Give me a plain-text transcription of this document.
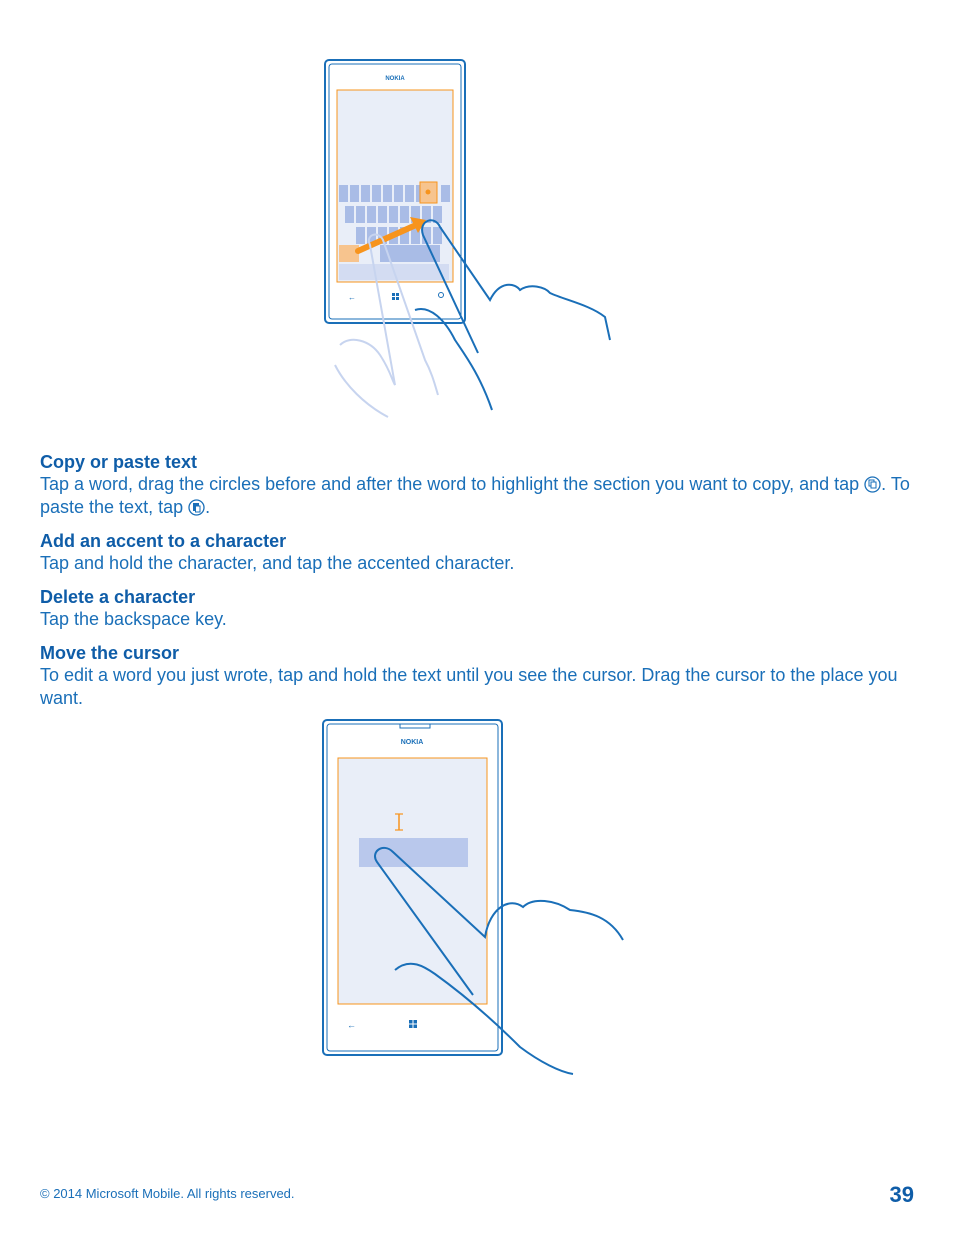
NOKIA
←
Copy or paste text
Tap a word, drag the circles before and after the word to highlight the section you want to copy, and tap . To paste the text, tap .
Add an accent to a character
Tap and hold the character, and tap the accented character.
Delete a character
Tap the backspace key.
Move the cursor
To edit a word you just wrote, tap and hold the text until you see the cursor. Drag the cursor to the place you want.
NOKIA
←
© 2014 Microsoft Mobile. All rights reserved.	39
